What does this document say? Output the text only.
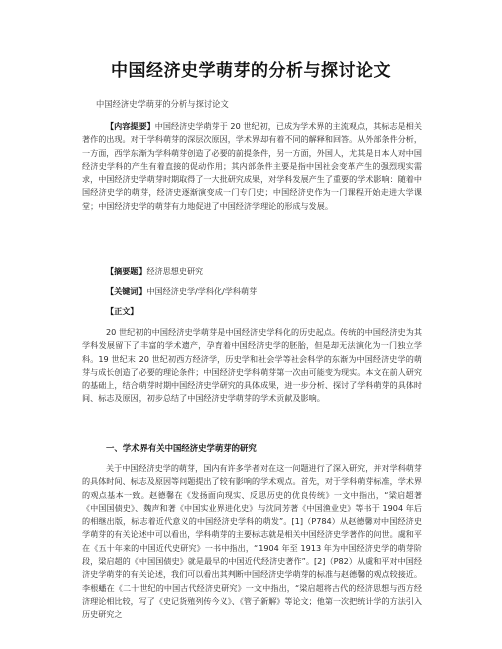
中国经济史学萌芽的分析与探讨论文
中国经济史学萌芽的分析与探讨论文
【内容提要】中国经济史学萌芽于 20 世纪初，已成为学术界的主流观点，其标志是相关著作的出现。对于学科萌芽的深层次原因，学术界却有着不同的解释和回答。从外部条件分析，一方面，西学东渐为学科萌芽创造了必要的前提条件，另一方面，外国人，尤其是日本人对中国经济史学科的产生有着直接的促动作用；其内部条件主要是指中国社会变革产生的强烈现实需求，中国经济史学萌芽时期取得了一大批研究成果，对学科发展产生了重要的学术影响：随着中国经济史学的萌芽，经济史逐渐演变成一门专门史；中国经济史作为一门课程开始走进大学课堂；中国经济史学的萌芽有力地促进了中国经济学理论的形成与发展。
【摘要题】经济思想史研究
【关键词】中国经济史学/学科化/学科萌芽
【正文】
20 世纪初的中国经济史学萌芽是中国经济史学科化的历史起点。传统的中国经济史为其学科发展留下了丰富的学术遗产，孕育着中国经济史学的胚胎，但是却无法演化为一门独立学科。19 世纪末 20 世纪初西方经济学，历史学和社会学等社会科学的东渐为中国经济史学的萌芽与成长创造了必要的理论条件；中国经济史学科萌芽第一次由可能变为现实。本文在前人研究的基础上，结合萌芽时期中国经济史学研究的具体成果，进一步分析、探讨了学科萌芽的具体时间、标志及原因，初步总结了中国经济史学萌芽的学术贡献及影响。
一、学术界有关中国经济史学萌芽的研究
关于中国经济史学的萌芽，国内有许多学者对在这一问题进行了深入研究，并对学科萌芽的具体时间、标志及原因等问题提出了较有影响的学术观点。首先，对于学科萌芽标准，学术界的观点基本一致。赵德馨在《发扬面向现实、反思历史的优良传统》一文中指出，“梁启超著《中国国债史》、魏声和著《中国实业界进化史》与沈同芳著《中国渔业史》等书于 1904 年后的相继出版，标志着近代意义的中国经济史学科的萌发”。[1]（P784）从赵德馨对中国经济史学萌芽的有关论述中可以看出，学科萌芽的主要标志就是相关中国经济史学著作的问世。虞和平在《五十年来的中国近代史研究》一书中指出，“1904 年至 1913 年为中国经济史学的萌芽阶段，梁启超的《中国国债史》就是最早的中国近代经济史著作”。[2]（P82）从虞和平对中国经济史学萌芽的有关论述，我们可以看出其判断中国经济史学萌芽的标准与赵德馨的观点较接近。李根蟠在《二十世纪的中国古代经济史研究》一文中指出，“梁启超将古代的经济思想与西方经济理论相比较，写了《史记货殖列传今义》、《管子新解》等论文；他第一次把统计学的方法引入历史研究之
